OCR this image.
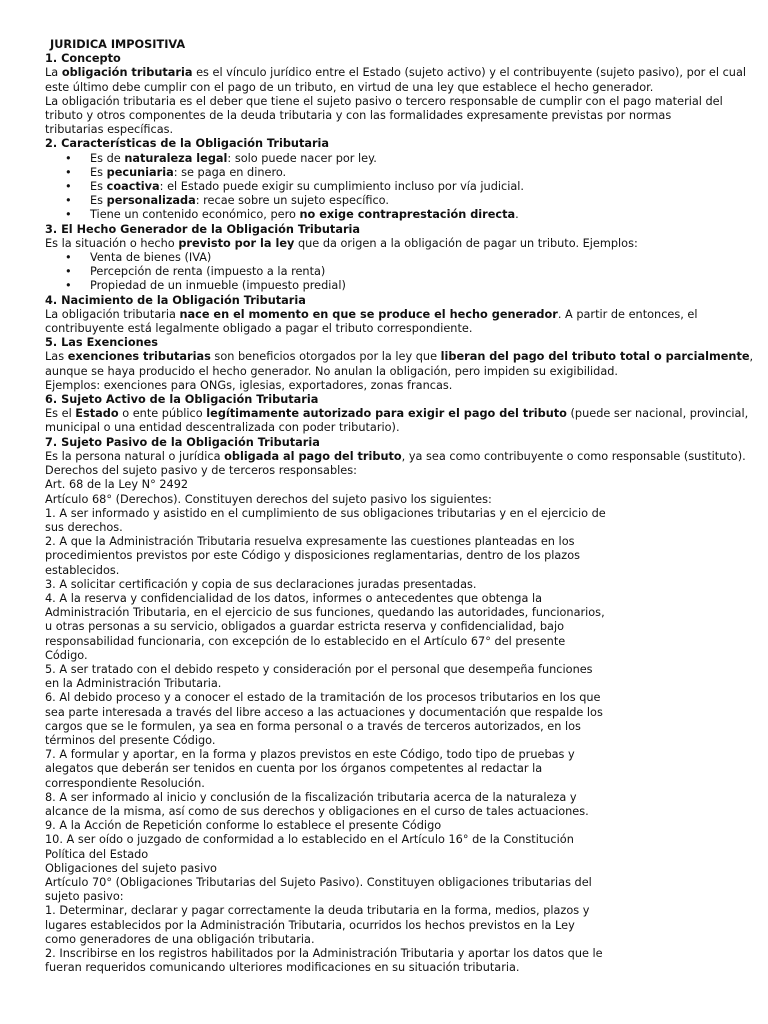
JURIDICA IMPOSITIVA
1. Concepto
La obligación tributaria es el vínculo jurídico entre el Estado (sujeto activo) y el contribuyente (sujeto pasivo), por el cual
este último debe cumplir con el pago de un tributo, en virtud de una ley que establece el hecho generador.
La obligación tributaria es el deber que tiene el sujeto pasivo o tercero responsable de cumplir con el pago material del
tributo y otros componentes de la deuda tributaria y con las formalidades expresamente previstas por normas
tributarias específicas.
2. Características de la Obligación Tributaria
• Es de naturaleza legal: solo puede nacer por ley.
• Es pecuniaria: se paga en dinero.
• Es coactiva: el Estado puede exigir su cumplimiento incluso por vía judicial.
• Es personalizada: recae sobre un sujeto específico.
• Tiene un contenido económico, pero no exige contraprestación directa.
3. El Hecho Generador de la Obligación Tributaria
Es la situación o hecho previsto por la ley que da origen a la obligación de pagar un tributo. Ejemplos:
• Venta de bienes (IVA)
• Percepción de renta (impuesto a la renta)
• Propiedad de un inmueble (impuesto predial)
4. Nacimiento de la Obligación Tributaria
La obligación tributaria nace en el momento en que se produce el hecho generador. A partir de entonces, el
contribuyente está legalmente obligado a pagar el tributo correspondiente.
5. Las Exenciones
Las exenciones tributarias son beneficios otorgados por la ley que liberan del pago del tributo total o parcialmente,
aunque se haya producido el hecho generador. No anulan la obligación, pero impiden su exigibilidad.
Ejemplos: exenciones para ONGs, iglesias, exportadores, zonas francas.
6. Sujeto Activo de la Obligación Tributaria
Es el Estado o ente público legítimamente autorizado para exigir el pago del tributo (puede ser nacional, provincial,
municipal o una entidad descentralizada con poder tributario).
7. Sujeto Pasivo de la Obligación Tributaria
Es la persona natural o jurídica obligada al pago del tributo, ya sea como contribuyente o como responsable (sustituto).
Derechos del sujeto pasivo y de terceros responsables:
Art. 68 de la Ley N° 2492
Artículo 68° (Derechos). Constituyen derechos del sujeto pasivo los siguientes:
1. A ser informado y asistido en el cumplimiento de sus obligaciones tributarias y en el ejercicio de
sus derechos.
2. A que la Administración Tributaria resuelva expresamente las cuestiones planteadas en los
procedimientos previstos por este Código y disposiciones reglamentarias, dentro de los plazos
establecidos.
3. A solicitar certificación y copia de sus declaraciones juradas presentadas.
4. A la reserva y confidencialidad de los datos, informes o antecedentes que obtenga la
Administración Tributaria, en el ejercicio de sus funciones, quedando las autoridades, funcionarios,
u otras personas a su servicio, obligados a guardar estricta reserva y confidencialidad, bajo
responsabilidad funcionaria, con excepción de lo establecido en el Artículo 67° del presente
Código.
5. A ser tratado con el debido respeto y consideración por el personal que desempeña funciones
en la Administración Tributaria.
6. Al debido proceso y a conocer el estado de la tramitación de los procesos tributarios en los que
sea parte interesada a través del libre acceso a las actuaciones y documentación que respalde los
cargos que se le formulen, ya sea en forma personal o a través de terceros autorizados, en los
términos del presente Código.
7. A formular y aportar, en la forma y plazos previstos en este Código, todo tipo de pruebas y
alegatos que deberán ser tenidos en cuenta por los órganos competentes al redactar la
correspondiente Resolución.
8. A ser informado al inicio y conclusión de la fiscalización tributaria acerca de la naturaleza y
alcance de la misma, así como de sus derechos y obligaciones en el curso de tales actuaciones.
9. A la Acción de Repetición conforme lo establece el presente Código
10. A ser oído o juzgado de conformidad a lo establecido en el Artículo 16° de la Constitución
Política del Estado
Obligaciones del sujeto pasivo
Artículo 70° (Obligaciones Tributarias del Sujeto Pasivo). Constituyen obligaciones tributarias del
sujeto pasivo:
1. Determinar, declarar y pagar correctamente la deuda tributaria en la forma, medios, plazos y
lugares establecidos por la Administración Tributaria, ocurridos los hechos previstos en la Ley
como generadores de una obligación tributaria.
2. Inscribirse en los registros habilitados por la Administración Tributaria y aportar los datos que le
fueran requeridos comunicando ulteriores modificaciones en su situación tributaria.
